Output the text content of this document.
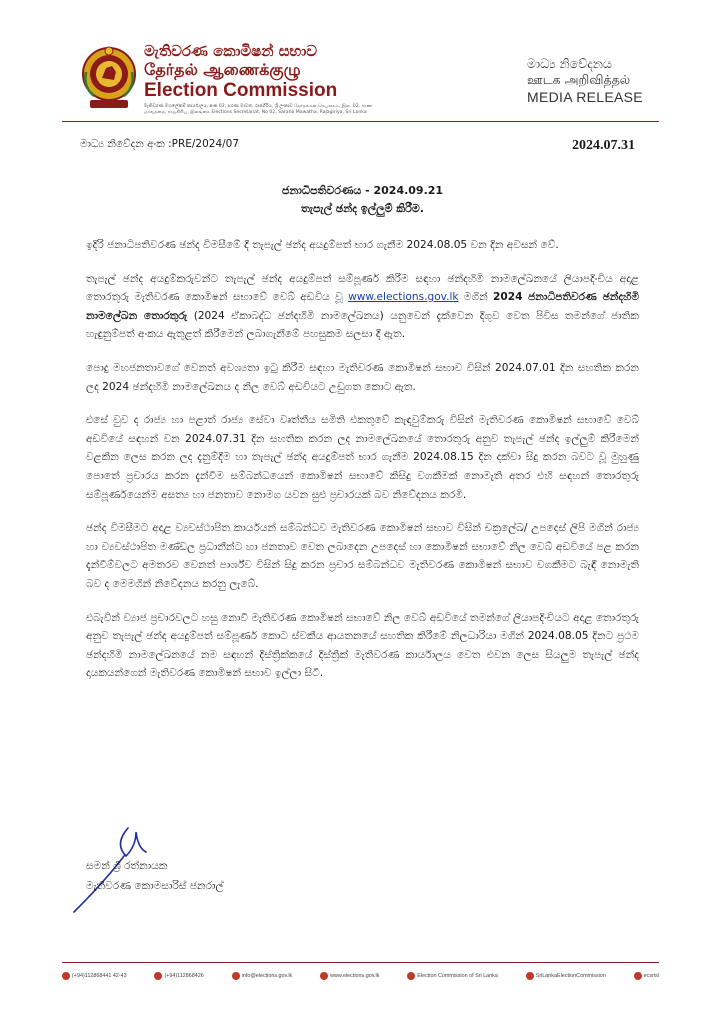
මැතිවරණ කොමිෂන් සභාව
தேர்தல் ஆணைக்குழு
Election Commission
මැතිවරණ මහලේකම් කාර්යාලය, අංක 02, සරණ මාවත, රාජගිරිය, ශ්‍රී ලංකාව தேர்தல்கள் செயலகம், இல. 02, சரண மாவத்தை, ராஜகிரிய, இலங்கை Elections Secretariat, No 02, Sarana Mawatha, Rajagiriya, Sri Lanka
මාධ්‍ය නිවේදනය
ஊடக அறிவித்தல்
MEDIA RELEASE
මාධ්‍ය නිවේදන අංක :PRE/2024/07	2024.07.31
ජනාධිපතිවරණය - 2024.09.21
තැපැල් ඡන්ද ඉල්ලුම් කිරීම.

ඉදිරි ජනාධිපතිවරණ ඡන්ද විමසීමේ දී තැපැල් ඡන්ද අයදුම්පත් භාර ගැනීම 2024.08.05 වන දින අවසන් වේ.

තැපැල් ඡන්ද අයදුම්කරුවන්ට තැපැල් ඡන්ද අයදුම්පත් සම්පූර්ණ කිරීම සඳහා ඡන්දහිමි නාමලේඛනයේ ලියාපදිංචිය අදාළ තොරතුරු මැතිවරණ කොමිෂන් සභාවේ වෙබ් අඩවිය වූ www.elections.gov.lk මගින් 2024 ජනාධිපතිවරණ ඡන්දහිමි නාමලේඛන තොරතුරු (2024 ඒකාබද්ධ ඡන්දහිමි නාමලේඛනය) යනුවෙන් දැක්වෙන දිගුව වෙත පිවිස තමන්ගේ ජාතික හැඳුනුම්පත් අංකය ඇතුළත් කිරීමෙන් ලබාගැනීමේ පහසුකම සලසා දී ඇත.

පොදු මහජනතාවගේ වෙනත් අවශ්‍යතා ඉටු කිරීම සඳහා මැතිවරණ කොමිෂන් සභාව විසින් 2024.07.01 දින සහතික කරන ලද 2024 ඡන්දහිමි නාමලේඛනය ද නිල වෙබ් අඩවියට උඩුගත කොට ඇත.

එසේ වුව ද රාජ්‍ය හා පළාත් රාජ්‍ය සේවා වෘත්තීය සමිති එකතුවේ කැඳවුම්කරු විසින් මැතිවරණ කොමිෂන් සභාවේ වෙබ් අඩවියේ සඳහන් වන 2024.07.31 දින සහතික කරන ලද නාමලේඛනයේ තොරතුරු අනුව තැපැල් ඡන්ද ඉල්ලුම් කිරීමෙන් වළකින ලෙස කරන ලද දැනුම්දීම හා තැපැල් ඡන්ද අයදුම්පත් භාර ගැනීම 2024.08.15 දින දක්වා සිදු කරන බවට වූ මුහුණු පොතේ ප්‍රචාරය කරන දැන්වීම සම්බන්ධයෙන් කොමිෂන් සභාවේ කිසිදු වගකීමක් නොමැති අතර එහි සඳහන් තොරතුරු සම්පූර්ණයෙන්ම අසත්‍ය හා ජනතාව නොමග යවන සුළු ප්‍රචාරයක් බව නිවේදනය කරමි.

ඡන්ද විමසීමට අදාළ ව්‍යවස්ථාපිත කාර්යයන් සම්බන්ධව මැතිවරණ කොමිෂන් සභාව විසින් චක්‍රලේඛ/ උපදෙස් ලිපි මගින් රාජ්‍ය හා ව්‍යවස්ථාපිත මණ්ඩල ප්‍රධානීන්ට හා ජනතාව වෙත ලබාදෙන උපදෙස් හා කොමිෂන් සභාවේ නිල වෙබ් අඩවියේ පළ කරන දැන්වීම්වලට අමතරව වෙනත් පාර්ශ්ව විසින් සිදු කරන ප්‍රචාර සම්බන්ධව මැතිවරණ කොමිෂන් සභාව වගකීමට බැඳී නොමැති බව ද මෙමගින් නිවේදනය කරනු ලැබේ.

එබැවින් ව්‍යාජ ප්‍රචාරවලට හසු නොවී මැතිවරණ කොමිෂන් සභාවේ නිල වෙබ් අඩවියේ තමන්ගේ ලියාපදිංචියට අදාළ තොරතුරු අනුව තැපැල් ඡන්ද අයදුම්පත් සම්පූර්ණ කොට ස්වකීය ආයතනයේ සහතික කිරීමේ නිලධාරියා මගින් 2024.08.05 දිනට ප්‍රථම ඡන්දහිමි නාමලේඛනයේ නම සඳහන් දිස්ත්‍රික්කයේ දිස්ත්‍රික් මැතිවරණ කාර්යාලය වෙත එවන ලෙස සියලුම තැපැල් ඡන්ද දායකයන්ගෙන් මැතිවරණ කොමිෂන් සභාව ඉල්ලා සිටී.

සමන් ශ්‍රී රත්නායක
මැතිවරණ කොමසාරිස් ජනරාල්
(+94)112868441 42-43	(+94)112868426	info@elections.gov.lk	www.elections.gov.lk	Election Commission of Sri Lanka	SriLankaElectionCommission	ecsrisl
